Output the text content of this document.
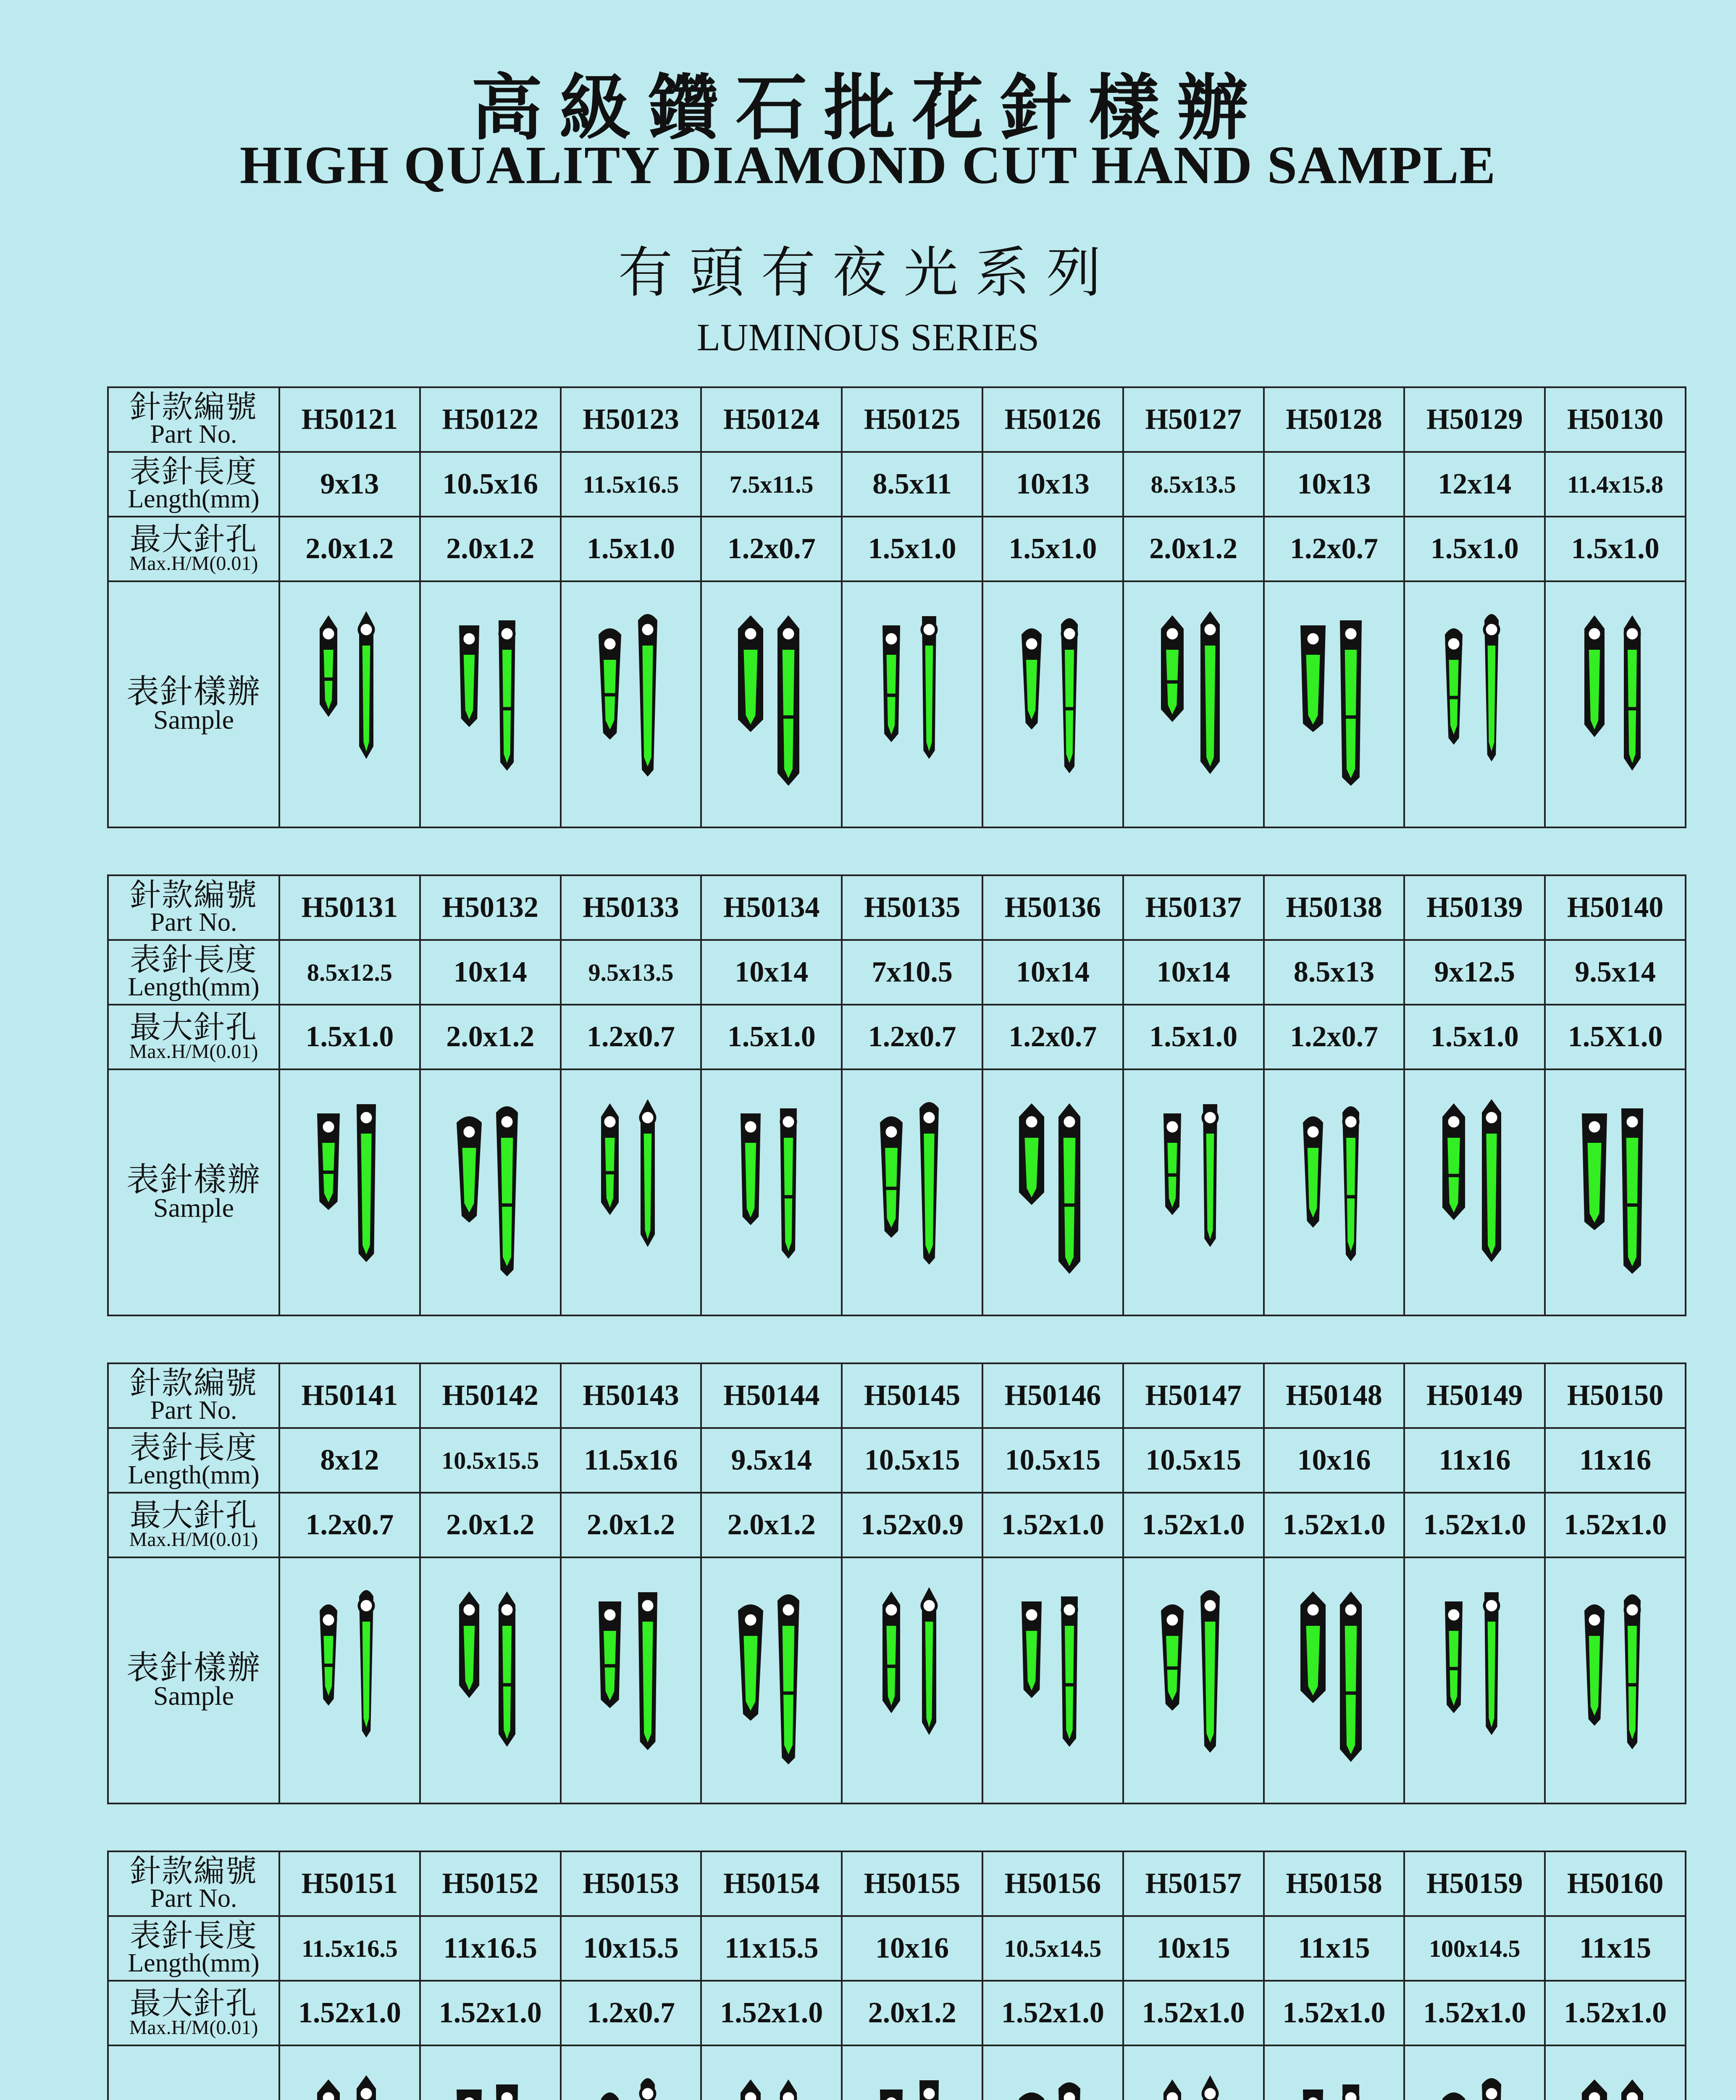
高級鑽石批花針樣辦
HIGH QUALITY DIAMOND CUT HAND SAMPLE
有頭有夜光系列
LUMINOUS SERIES
針款編號
Part No.	H50121	H50122	H50123	H50124	H50125	H50126	H50127	H50128	H50129	H50130

表針長度
Length(mm)	9x13	10.5x16	11.5x16.5	7.5x11.5	8.5x11	10x13	8.5x13.5	10x13	12x14	11.4x15.8

最大針孔
Max.H/M(0.01)	2.0x1.2	2.0x1.2	1.5x1.0	1.2x0.7	1.5x1.0	1.5x1.0	2.0x1.2	1.2x0.7	1.5x1.0	1.5x1.0

表針樣辦
Sample

針款編號
Part No.	H50131	H50132	H50133	H50134	H50135	H50136	H50137	H50138	H50139	H50140

表針長度
Length(mm)	8.5x12.5	10x14	9.5x13.5	10x14	7x10.5	10x14	10x14	8.5x13	9x12.5	9.5x14

最大針孔
Max.H/M(0.01)	1.5x1.0	2.0x1.2	1.2x0.7	1.5x1.0	1.2x0.7	1.2x0.7	1.5x1.0	1.2x0.7	1.5x1.0	1.5X1.0

表針樣辦
Sample

針款編號
Part No.	H50141	H50142	H50143	H50144	H50145	H50146	H50147	H50148	H50149	H50150

表針長度
Length(mm)	8x12	10.5x15.5	11.5x16	9.5x14	10.5x15	10.5x15	10.5x15	10x16	11x16	11x16

最大針孔
Max.H/M(0.01)	1.2x0.7	2.0x1.2	2.0x1.2	2.0x1.2	1.52x0.9	1.52x1.0	1.52x1.0	1.52x1.0	1.52x1.0	1.52x1.0

表針樣辦
Sample

針款編號
Part No.	H50151	H50152	H50153	H50154	H50155	H50156	H50157	H50158	H50159	H50160

表針長度
Length(mm)	11.5x16.5	11x16.5	10x15.5	11x15.5	10x16	10.5x14.5	10x15	11x15	100x14.5	11x15

最大針孔
Max.H/M(0.01)	1.52x1.0	1.52x1.0	1.2x0.7	1.52x1.0	2.0x1.2	1.52x1.0	1.52x1.0	1.52x1.0	1.52x1.0	1.52x1.0
